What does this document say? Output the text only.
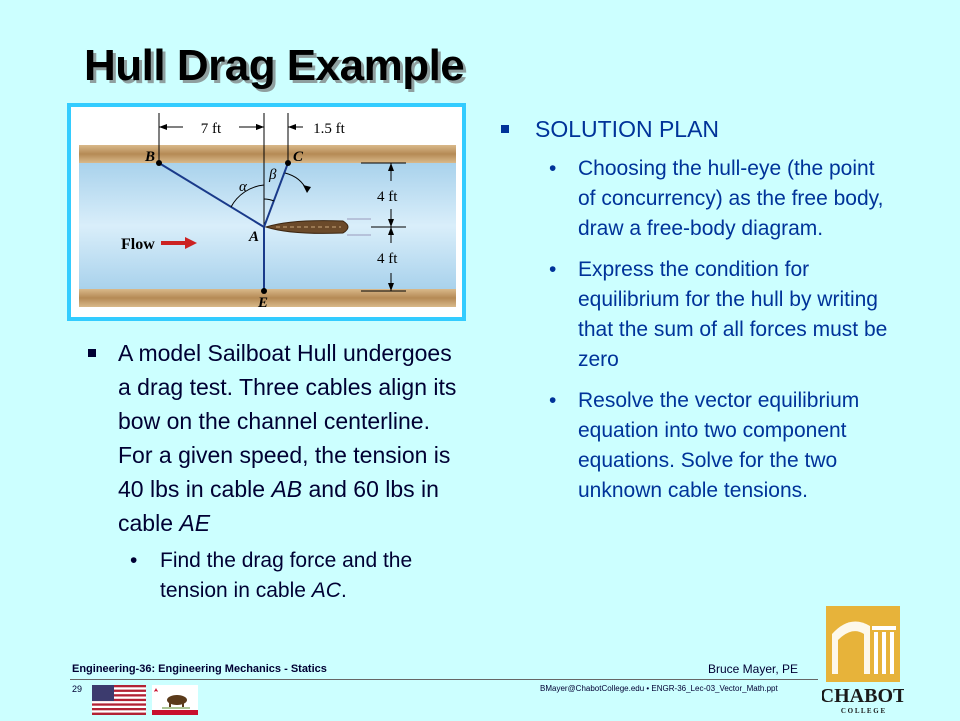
Hull Drag Example
7 ft	1.5 ft
α
β
B	C
A
E
Flow
4 ft
4 ft
A model Sailboat Hull undergoes a drag test. Three cables align its bow on the channel centerline. For a given speed, the tension is 40 lbs in cable AB and 60 lbs in cable AE
• Find the drag force and the tension in cable AC.
SOLUTION PLAN
• Choosing the hull-eye (the point of concurrency) as the free body, draw a free-body diagram.
• Express the condition for equilibrium for the hull by writing that the sum of all forces must be zero
• Resolve the vector equilibrium equation into two component equations. Solve for the two unknown cable tensions.
Engineering-36: Engineering Mechanics - Statics	Bruce Mayer, PE
29	BMayer@ChabotCollege.edu • ENGR-36_Lec-03_Vector_Math.ppt CHABOT
C O L L E G E
